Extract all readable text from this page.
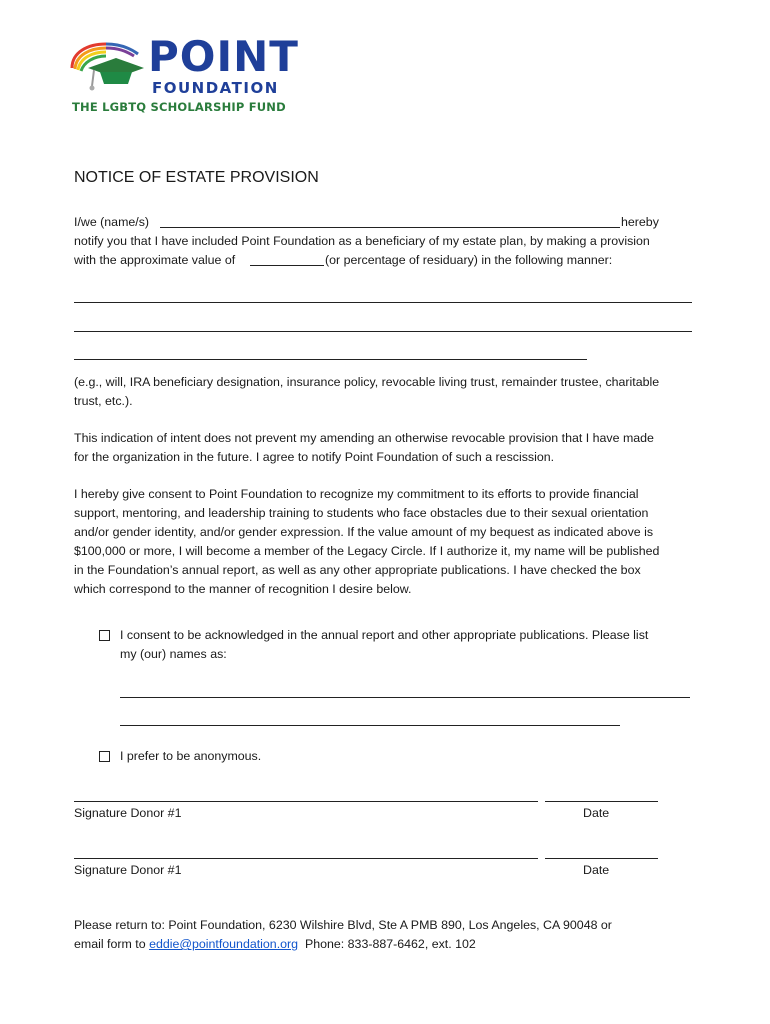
POINT
FOUNDATION
THE LGBTQ SCHOLARSHIP FUND
NOTICE OF ESTATE PROVISION
I/we (name/s)	hereby
notify you that I have included Point Foundation as a beneficiary of my estate plan, by making a provision
with the approximate value of	(or percentage of residuary) in the following manner:
(e.g., will, IRA beneficiary designation, insurance policy, revocable living trust, remainder trustee, charitable
trust, etc.).
This indication of intent does not prevent my amending an otherwise revocable provision that I have made
for the organization in the future. I agree to notify Point Foundation of such a rescission.
I hereby give consent to Point Foundation to recognize my commitment to its efforts to provide financial
support, mentoring, and leadership training to students who face obstacles due to their sexual orientation
and/or gender identity, and/or gender expression. If the value amount of my bequest as indicated above is
$100,000 or more, I will become a member of the Legacy Circle. If I authorize it, my name will be published
in the Foundation’s annual report, as well as any other appropriate publications. I have checked the box
which correspond to the manner of recognition I desire below.
I consent to be acknowledged in the annual report and other appropriate publications. Please list
my (our) names as:
I prefer to be anonymous.
Signature Donor #1	Date
Signature Donor #1	Date
Please return to: Point Foundation, 6230 Wilshire Blvd, Ste A PMB 890, Los Angeles, CA 90048 or
email form to eddie@pointfoundation.org  Phone: 833-887-6462, ext. 102
